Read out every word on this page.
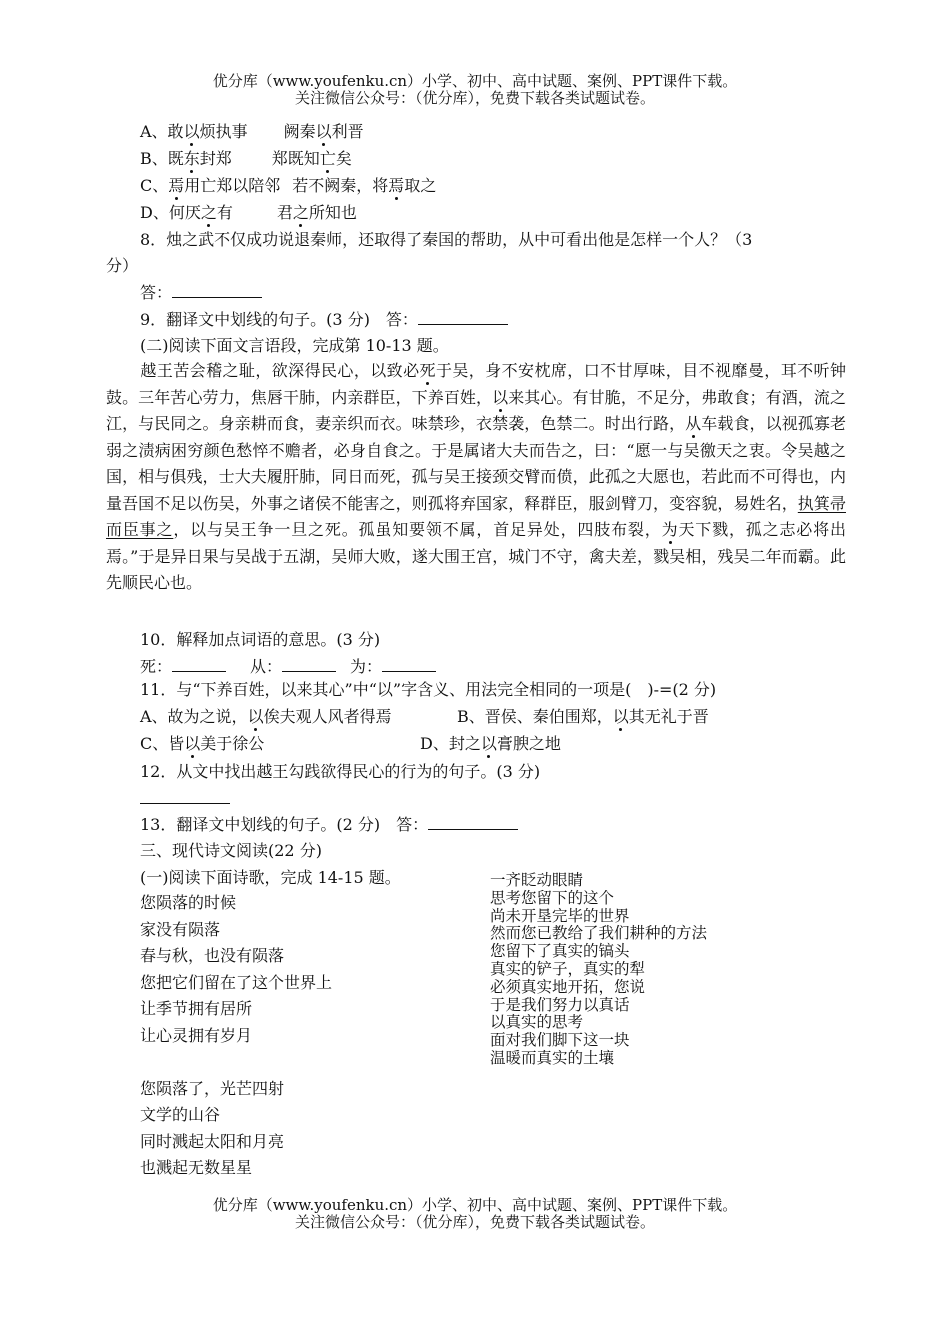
优分库（www.youfenku.cn）小学、初中、高中试题、案例、PPT课件下载。
关注微信公众号：（优分库），免费下载各类试题试卷。
A、敢以烦执事 阙秦以利晋
B、既东封郑	郑既知亡矣
C、焉用亡郑以陪邻 若不阙秦，将焉取之
D、何厌之有	君之所知也
8．烛之武不仅成功说退秦师，还取得了秦国的帮助，从中可看出他是怎样一个人？（3
分）
答：
9．翻译文中划线的句子。(3 分)　答：
(二)阅读下面文言语段，完成第 10-13 题。
越王苦会稽之耻，欲深得民心，以致必死于吴，身不安枕席，口不甘厚味，目不视靡曼，耳不听钟鼓。三年苦心劳力，焦唇干肺，内亲群臣，下养百姓，以来其心。有甘脆，不足分，弗敢食；有酒，流之江，与民同之。身亲耕而食，妻亲织而衣。味禁珍，衣禁袭，色禁二。时出行路，从车载食，以视孤寡老弱之渍病困穷颜色愁悴不赡者，必身自食之。于是属诸大夫而告之，曰：“愿一与吴徼天之衷。令吴越之国，相与俱残，士大夫履肝肺，同日而死，孤与吴王接颈交臂而偾，此孤之大愿也，若此而不可得也，内量吾国不足以伤吴，外事之诸侯不能害之，则孤将弃国家，释群臣，服剑臂刀，变容貌，易姓名，执箕帚而臣事之，以与吴王争一旦之死。孤虽知要领不属，首足异处，四肢布裂，为天下戮，孤之志必将出焉。”于是异日果与吴战于五湖，吴师大败，遂大围王宫，城门不守，禽夫差，戮吴相，残吴二年而霸。此先顺民心也。
10．解释加点词语的意思。(3 分)
死：	从：	为：
11．与“下养百姓，以来其心”中“以”字含义、用法完全相同的一项是(　)-=(2 分)
A、故为之说，以俟夫观人风者得焉	B、晋侯、秦伯围郑，以其无礼于晋
C、皆以美于徐公	D、封之以膏腴之地
12．从文中找出越王勾践欲得民心的行为的句子。(3 分)
13．翻译文中划线的句子。(2 分)　答：
三、现代诗文阅读(22 分)
(一)阅读下面诗歌，完成 14-15 题。
您陨落的时候
家没有陨落
春与秋，也没有陨落
您把它们留在了这个世界上
让季节拥有居所
让心灵拥有岁月
您陨落了，光芒四射
文学的山谷
同时溅起太阳和月亮
也溅起无数星星
一齐眨动眼睛
思考您留下的这个
尚未开垦完毕的世界
然而您已教给了我们耕种的方法
您留下了真实的镐头
真实的铲子，真实的犁
必须真实地开拓，您说
于是我们努力以真话
以真实的思考
面对我们脚下这一块
温暖而真实的土壤
优分库（www.youfenku.cn）小学、初中、高中试题、案例、PPT课件下载。
关注微信公众号：（优分库），免费下载各类试题试卷。
